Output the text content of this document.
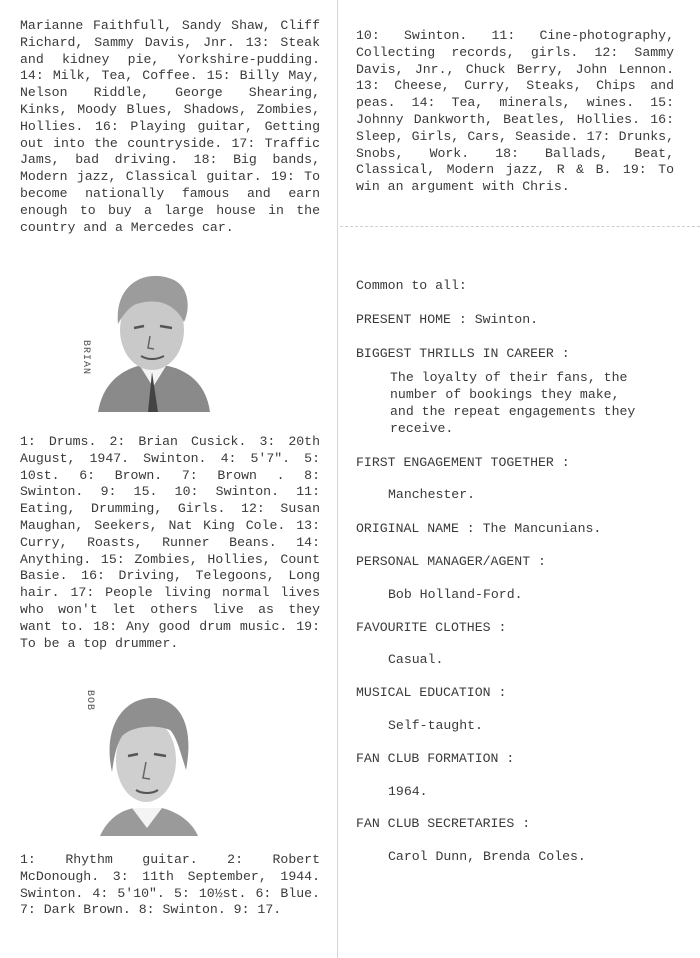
Marianne Faithfull, Sandy Shaw, Cliff Richard, Sammy Davis, Jnr. 13: Steak and kidney pie, Yorkshire-pudding. 14: Milk, Tea, Coffee. 15: Billy May, Nelson Riddle, George Shearing, Kinks, Moody Blues, Shadows, Zombies, Hollies. 16: Playing guitar, Getting out into the countryside. 17: Traffic Jams, bad driving. 18: Big bands, Modern jazz, Classical guitar. 19: To become nationally famous and earn enough to buy a large house in the country and a Mercedes car.

BRIAN

1: Drums. 2: Brian Cusick. 3: 20th August, 1947. Swinton. 4: 5'7". 5: 10st. 6: Brown. 7: Brown . 8: Swinton. 9: 15. 10: Swinton. 11: Eating, Drumming, Girls. 12: Susan Maughan, Seekers, Nat King Cole. 13: Curry, Roasts, Runner Beans. 14: Anything. 15: Zombies, Hollies, Count Basie. 16: Driving, Telegoons, Long hair. 17: People living normal lives who won't let others live as they want to. 18: Any good drum music. 19: To be a top drummer.

BOB

1: Rhythm guitar. 2: Robert McDonough. 3: 11th September, 1944. Swinton. 4: 5'10". 5: 10½st. 6: Blue. 7: Dark Brown. 8: Swinton. 9: 17.

10: Swinton. 11: Cine-photography, Collecting records, girls. 12: Sammy Davis, Jnr., Chuck Berry, John Lennon. 13: Cheese, Curry, Steaks, Chips and peas. 14: Tea, minerals, wines. 15: Johnny Dankworth, Beatles, Hollies. 16: Sleep, Girls, Cars, Seaside. 17: Drunks, Snobs, Work. 18: Ballads, Beat, Classical, Modern jazz, R & B. 19: To win an argument with Chris.

Common to all:

PRESENT HOME : Swinton.

BIGGEST THRILLS IN CAREER :

The loyalty of their fans, the
number of bookings they make,
and the repeat engagements they
receive.

FIRST ENGAGEMENT TOGETHER :

Manchester.

ORIGINAL NAME : The Mancunians.

PERSONAL MANAGER/AGENT :

Bob Holland-Ford.

FAVOURITE CLOTHES :

Casual.

MUSICAL EDUCATION :

Self-taught.

FAN CLUB FORMATION :

1964.

FAN CLUB SECRETARIES :

Carol Dunn, Brenda Coles.
